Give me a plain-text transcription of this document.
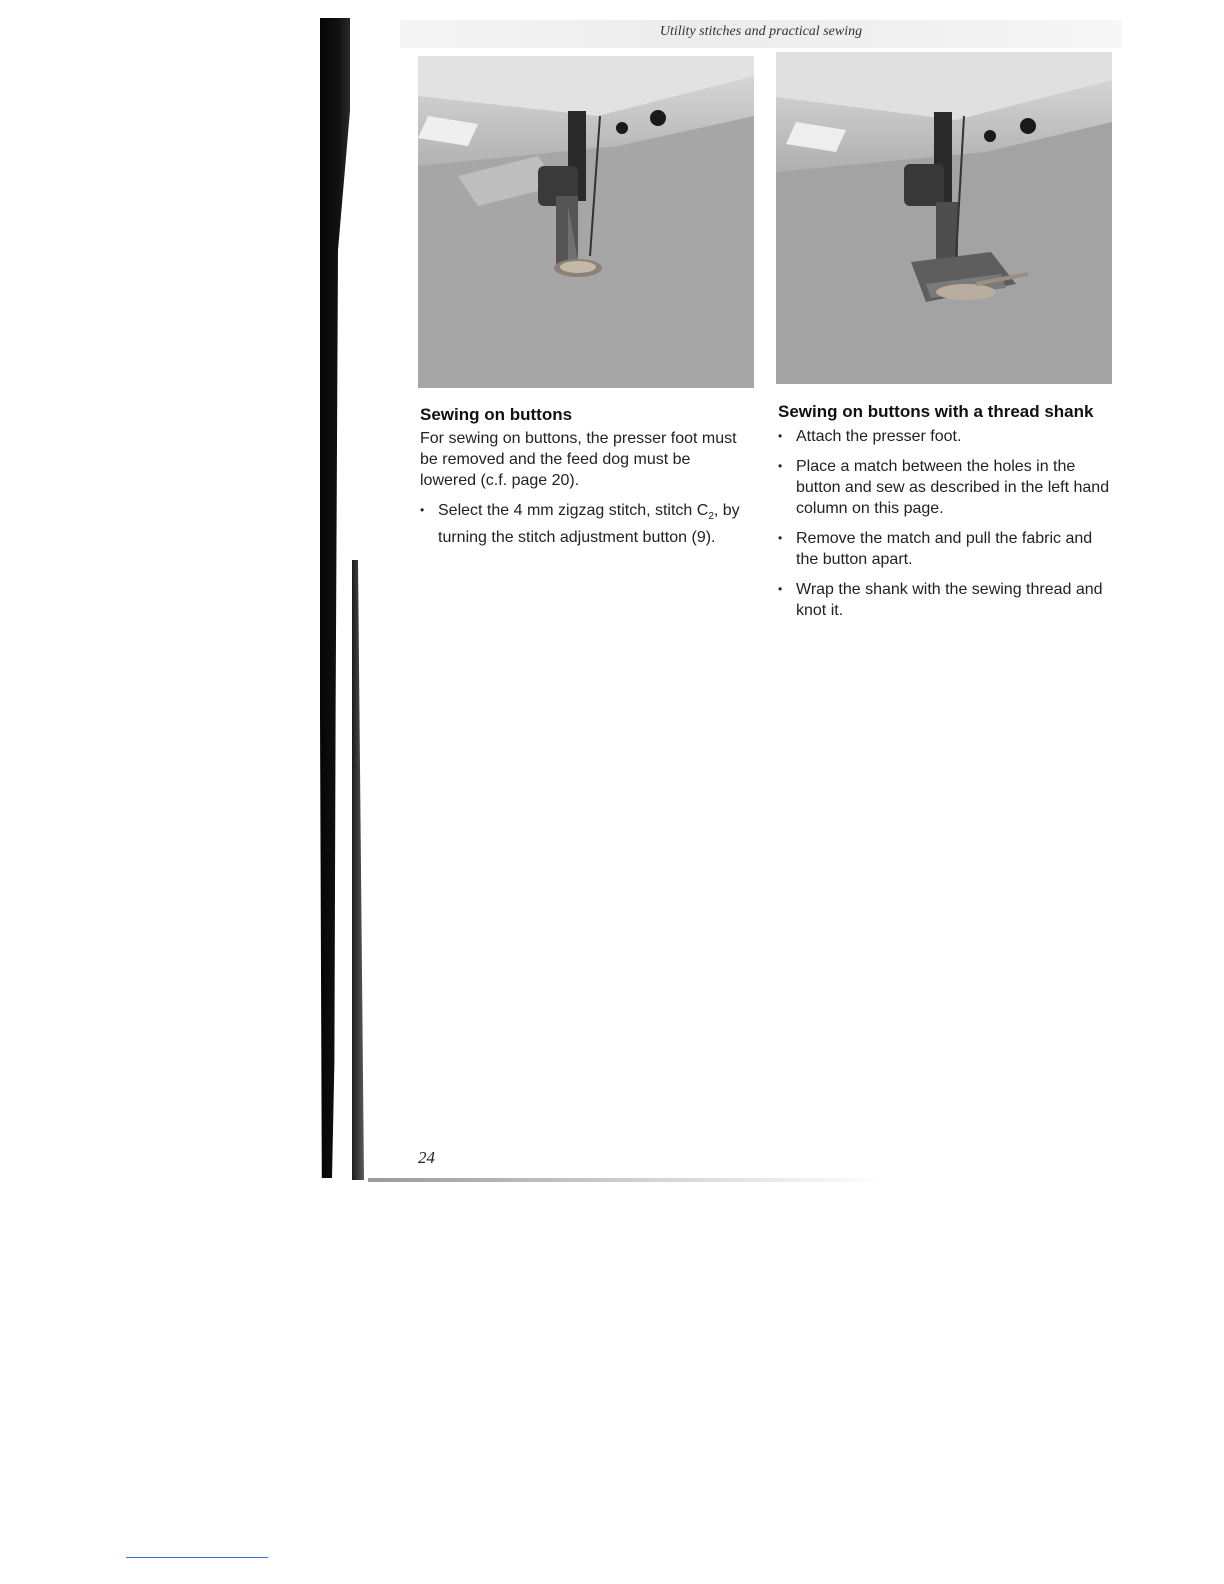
Utility stitches and practical sewing
Sewing on buttons
For sewing on buttons, the presser foot must be removed and the feed dog must be lowered (c.f. page 20).
• Select the 4 mm zigzag stitch, stitch $C_2$, by turning the stitch adjustment button (9).
Sewing on buttons with a thread shank
• Attach the presser foot.
• Place a match between the holes in the button and sew as described in the left hand column on this page.
• Remove the match and pull the fabric and the button apart.
• Wrap the shank with the sewing thread and knot it.
24
